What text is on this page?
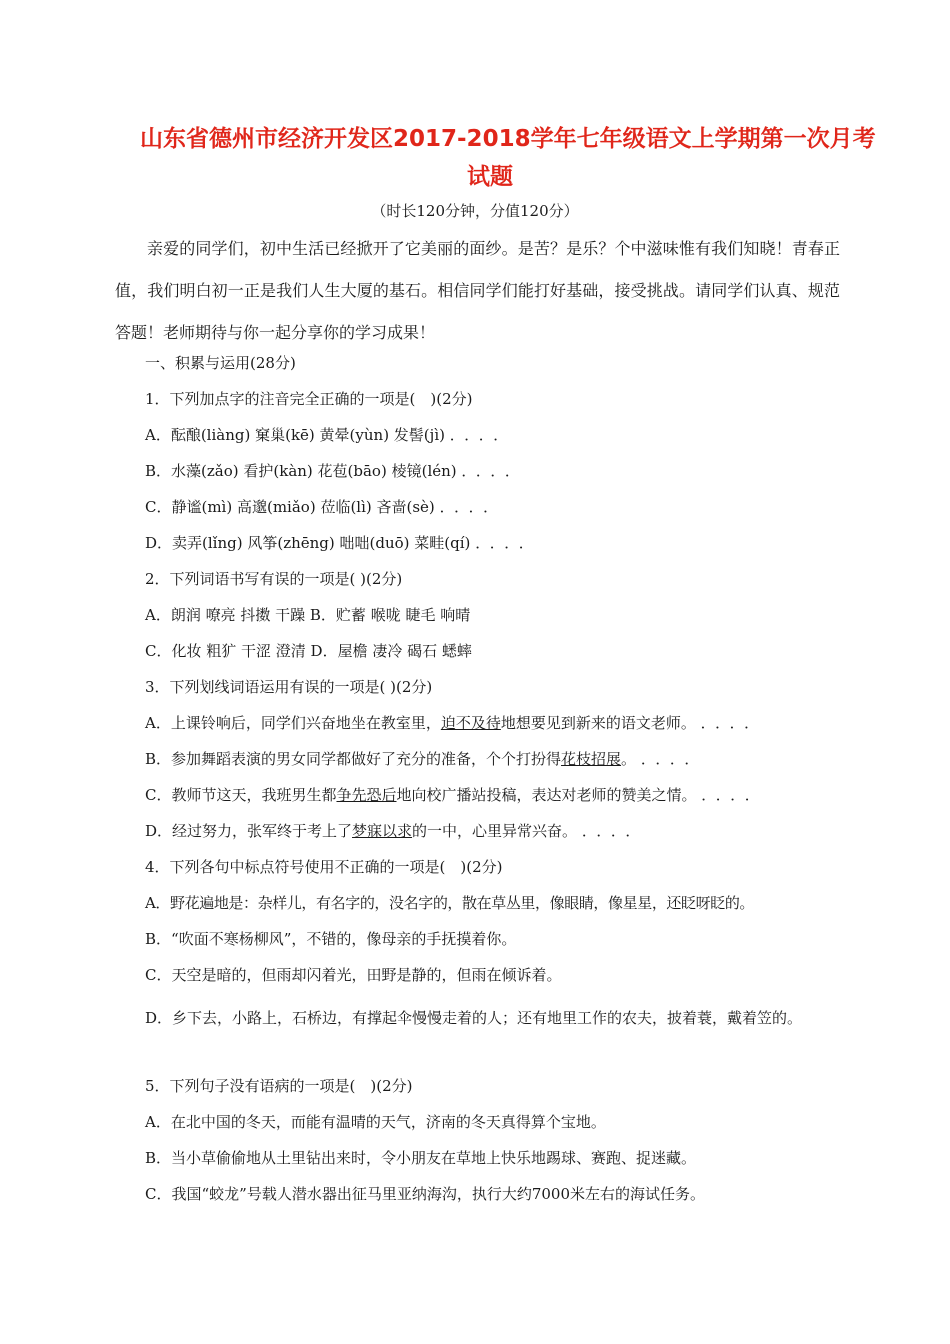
山东省德州市经济开发区2017-2018学年七年级语文上学期第一次月考
试题
（时长120分钟，分值120分）
亲爱的同学们，初中生活已经掀开了它美丽的面纱。是苦？是乐？个中滋味惟有我们知晓！青春正值，我们明白初一正是我们人生大厦的基石。相信同学们能打好基础，接受挑战。请同学们认真、规范答题！老师期待与你一起分享你的学习成果！
一、积累与运用(28分)
1．下列加点字的注音完全正确的一项是(　)(2分)
A．酝酿(liàng) 窠巢(kē) 黄晕(yùn) 发髻(jì) ．．．．
B．水藻(zǎo) 看护(kàn) 花苞(bāo) 棱镜(lén) ．．．．
C．静谧(mì) 高邈(miǎo) 莅临(lì) 吝啬(sè) ．．．．
D．卖弄(lǐng) 风筝(zhēng) 咄咄(duō) 菜畦(qí) ．．．．
2．下列词语书写有误的一项是( )(2分)
A．朗润 嘹亮 抖擞 干躁 B．贮蓄 喉咙 睫毛 响晴
C．化妆 粗犷 干涩 澄清 D．屋檐 凄冷 碣石 蟋蟀
3．下列划线词语运用有误的一项是( )(2分)
A．上课铃响后，同学们兴奋地坐在教室里，迫不及待地想要见到新来的语文老师。 ．．．．
B．参加舞蹈表演的男女同学都做好了充分的准备，个个打扮得花枝招展。 ．．．．
C．教师节这天，我班男生都争先恐后地向校广播站投稿，表达对老师的赞美之情。 ．．．．
D．经过努力，张军终于考上了梦寐以求的一中，心里异常兴奋。 ．．．．
4．下列各句中标点符号使用不正确的一项是(　)(2分)
A．野花遍地是：杂样儿，有名字的，没名字的，散在草丛里，像眼睛，像星星，还眨呀眨的。
B．“吹面不寒杨柳风”，不错的，像母亲的手抚摸着你。
C．天空是暗的，但雨却闪着光，田野是静的，但雨在倾诉着。
D．乡下去，小路上，石桥边，有撑起伞慢慢走着的人；还有地里工作的农夫，披着蓑，戴着笠的。
5．下列句子没有语病的一项是(　)(2分)
A．在北中国的冬天，而能有温晴的天气，济南的冬天真得算个宝地。
B．当小草偷偷地从土里钻出来时，令小朋友在草地上快乐地踢球、赛跑、捉迷藏。
C．我国“蛟龙”号载人潜水器出征马里亚纳海沟，执行大约7000米左右的海试任务。
